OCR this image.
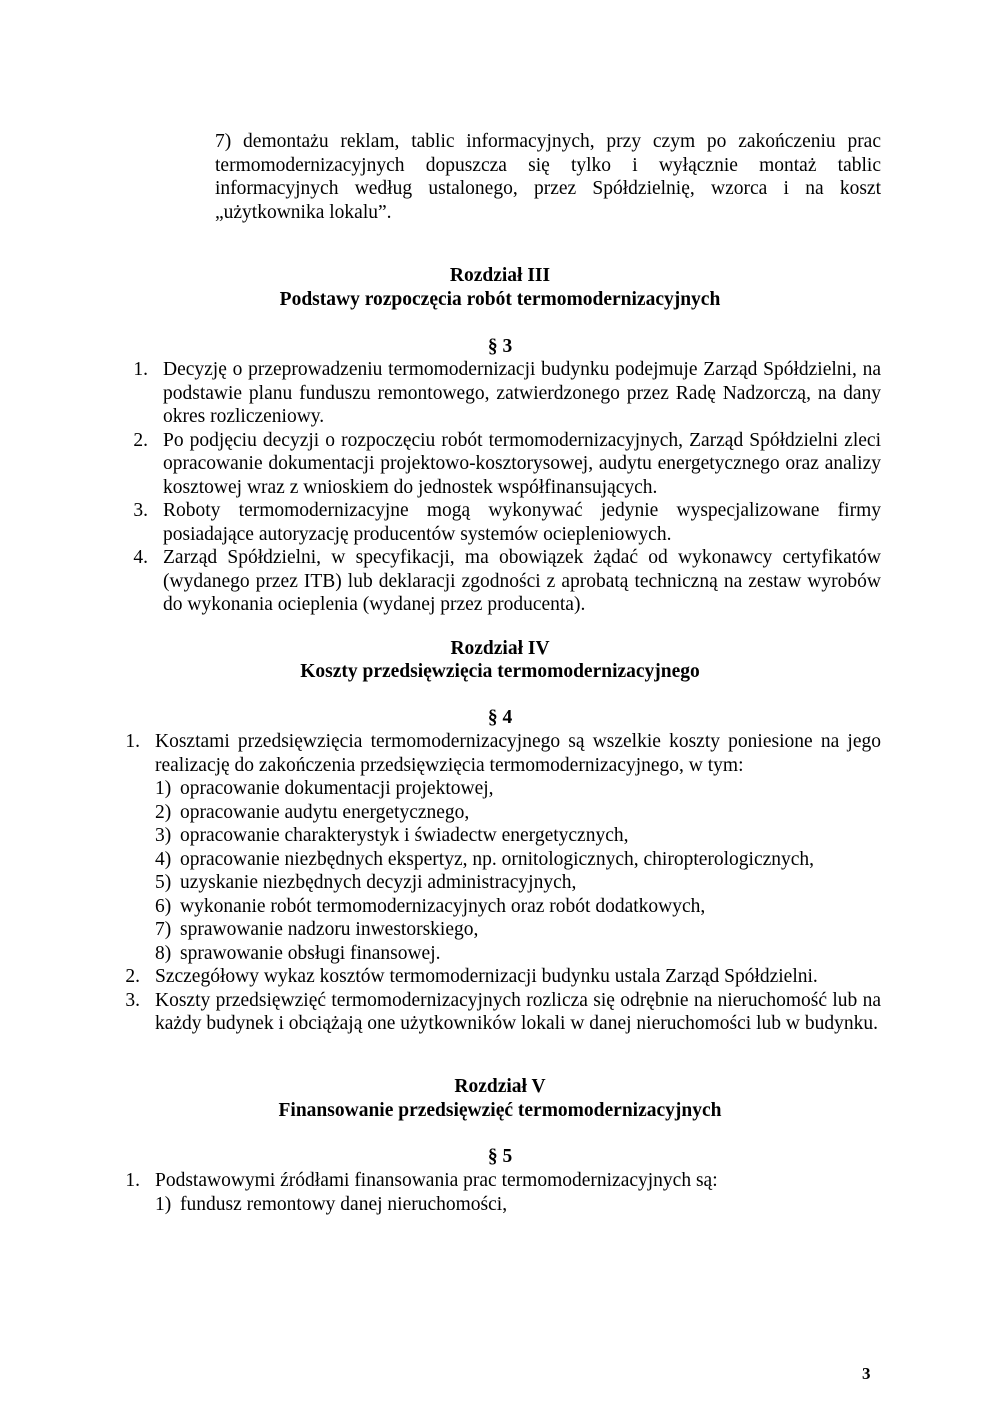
7) demontażu reklam, tablic informacyjnych, przy czym po zakończeniu prac
termomodernizacyjnych dopuszcza się tylko i wyłącznie montaż tablic
informacyjnych według ustalonego, przez Spółdzielnię, wzorca i na koszt
„użytkownika lokalu”.
Rozdział III
Podstawy rozpoczęcia robót termomodernizacyjnych
§ 3
1. Decyzję o przeprowadzeniu termomodernizacji budynku podejmuje Zarząd Spółdzielni, na podstawie planu funduszu remontowego, zatwierdzonego przez Radę Nadzorczą, na dany okres rozliczeniowy.
2. Po podjęciu decyzji o rozpoczęciu robót termomodernizacyjnych, Zarząd Spółdzielni zleci opracowanie dokumentacji projektowo-kosztorysowej, audytu energetycznego oraz analizy kosztowej wraz z wnioskiem do jednostek współfinansujących.
3. Roboty termomodernizacyjne mogą wykonywać jedynie wyspecjalizowane firmy posiadające autoryzację producentów systemów ociepleniowych.
4. Zarząd Spółdzielni, w specyfikacji, ma obowiązek żądać od wykonawcy certyfikatów (wydanego przez ITB) lub deklaracji zgodności z aprobatą techniczną na zestaw wyrobów do wykonania ocieplenia (wydanej przez producenta).
Rozdział IV
Koszty przedsięwzięcia termomodernizacyjnego
§ 4
1. Kosztami przedsięwzięcia termomodernizacyjnego są wszelkie koszty poniesione na jego realizację do zakończenia przedsięwzięcia termomodernizacyjnego, w tym:
1) opracowanie dokumentacji projektowej,
2) opracowanie audytu energetycznego,
3) opracowanie charakterystyk i świadectw energetycznych,
4) opracowanie niezbędnych ekspertyz, np. ornitologicznych, chiropterologicznych,
5) uzyskanie niezbędnych decyzji administracyjnych,
6) wykonanie robót termomodernizacyjnych oraz robót dodatkowych,
7) sprawowanie nadzoru inwestorskiego,
8) sprawowanie obsługi finansowej.
2. Szczegółowy wykaz kosztów termomodernizacji budynku ustala Zarząd Spółdzielni.
3. Koszty przedsięwzięć termomodernizacyjnych rozlicza się odrębnie na nieruchomość lub na każdy budynek i obciążają one użytkowników lokali w danej nieruchomości lub w budynku.
Rozdział V
Finansowanie przedsięwzięć termomodernizacyjnych
§ 5
1. Podstawowymi źródłami finansowania prac termomodernizacyjnych są:
1) fundusz remontowy danej nieruchomości,
3
